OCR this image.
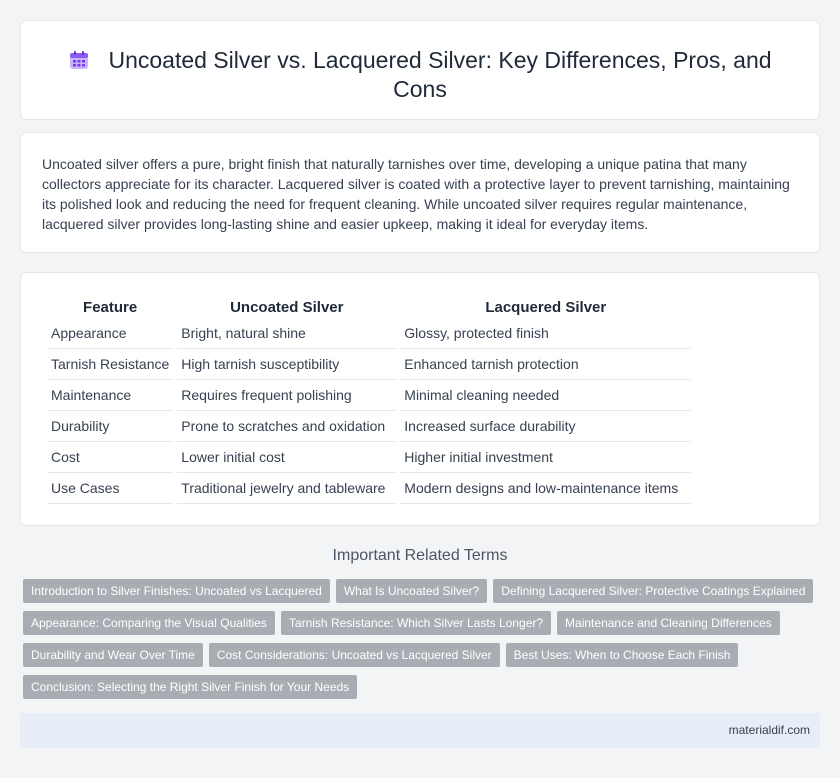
Uncoated Silver vs. Lacquered Silver: Key Differences, Pros, and Cons

Uncoated silver offers a pure, bright finish that naturally tarnishes over time, developing a unique patina that many collectors appreciate for its character. Lacquered silver is coated with a protective layer to prevent tarnishing, maintaining its polished look and reducing the need for frequent cleaning. While uncoated silver requires regular maintenance, lacquered silver provides long-lasting shine and easier upkeep, making it ideal for everyday items.

Feature	Uncoated Silver	Lacquered Silver
Appearance	Bright, natural shine	Glossy, protected finish
Tarnish Resistance	High tarnish susceptibility	Enhanced tarnish protection
Maintenance	Requires frequent polishing	Minimal cleaning needed
Durability	Prone to scratches and oxidation	Increased surface durability
Cost	Lower initial cost	Higher initial investment
Use Cases	Traditional jewelry and tableware	Modern designs and low-maintenance items
Important Related Terms
Introduction to Silver Finishes: Uncoated vs Lacquered What Is Uncoated Silver? Defining Lacquered Silver: Protective Coatings Explained
Appearance: Comparing the Visual Qualities Tarnish Resistance: Which Silver Lasts Longer? Maintenance and Cleaning Differences
Durability and Wear Over Time Cost Considerations: Uncoated vs Lacquered Silver Best Uses: When to Choose Each Finish
Conclusion: Selecting the Right Silver Finish for Your Needs
materialdif.com
